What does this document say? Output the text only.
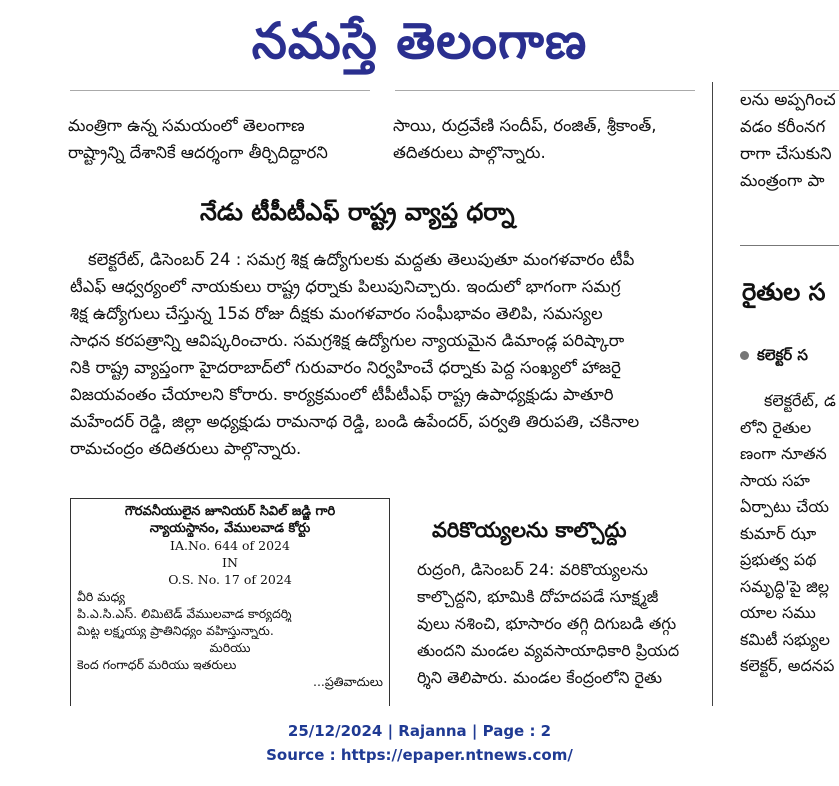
నమస్తే తెలంగాణ

మంత్రిగా ఉన్న సమయంలో తెలంగాణ

రాష్ట్రాన్ని దేశానికే ఆదర్శంగా తీర్చిదిద్దారని

సాయి, రుద్రవేణి సందీప్, రంజిత్, శ్రీకాంత్,

తదితరులు పాల్గొన్నారు.

లను అప్పగించ

వడం కరీంనగ

రాగా చేసుకుని

మంత్రంగా పా

నేడు టీపీటీఎఫ్ రాష్ట్ర వ్యాప్త ధర్నా

కలెక్టరేట్, డిసెంబర్ 24 : సమగ్ర శిక్ష ఉద్యోగులకు మద్దతు తెలుపుతూ మంగళవారం టీపీ

టీఎఫ్ ఆధ్వర్యంలో నాయకులు రాష్ట్ర ధర్నాకు పిలుపునిచ్చారు. ఇందులో భాగంగా సమగ్ర

శిక్ష ఉద్యోగులు చేస్తున్న 15వ రోజు దీక్షకు మంగళవారం సంఘీభావం తెలిపి, సమస్యల

సాధన కరపత్రాన్ని ఆవిష్కరించారు. సమగ్రశిక్ష ఉద్యోగుల న్యాయమైన డిమాండ్ల పరిష్కారా

నికి రాష్ట్ర వ్యాప్తంగా హైదరాబాద్‌లో గురువారం నిర్వహించే ధర్నాకు పెద్ద సంఖ్యలో హాజరై

విజయవంతం చేయాలని కోరారు. కార్యక్రమంలో టీపీటీఎఫ్ రాష్ట్ర ఉపాధ్యక్షుడు పాతూరి

మహేందర్ రెడ్డి, జిల్లా అధ్యక్షుడు రామనాథ రెడ్డి, బండి ఉపేందర్, పర్వతి తిరుపతి, చకినాల

రామచంద్రం తదితరులు పాల్గొన్నారు.

రైతుల స
కలెక్టర్ స

కలెక్టరేట్, డ

లోని రైతుల

ణంగా నూతన

సాయ సహ

ఏర్పాటు చేయ

కుమార్ ఝా

ప్రభుత్వ పథ

సమృద్ధి'పై జిల్ల

యాల సము

కమిటీ సభ్యుల

కలెక్టర్, అదనప

గౌరవనీయులైన జూనియర్ సివిల్ జడ్జి గారి

న్యాయస్థానం, వేములవాడ కోర్టు

IA.No. 644 of 2024

IN

O.S. No. 17 of 2024

వీరి మధ్య

పి.ఎ.సి.ఎస్. లిమిటెడ్ వేములవాడ కార్యదర్శి

మిట్ట లక్ష్మయ్య ప్రాతినిధ్యం వహిస్తున్నారు.

మరియు

కెంద గంగాధర్ మరియు ఇతరులు

...ప్రతివాదులు

వరికొయ్యలను కాల్చొద్దు

రుద్రంగి, డిసెంబర్ 24: వరికొయ్యలను

కాల్చొద్దని, భూమికి దోహదపడే సూక్ష్మజీ

వులు నశించి, భూసారం తగ్గి దిగుబడి తగ్గు

తుందని మండల వ్యవసాయాధికారి ప్రియద

ర్శిని తెలిపారు. మండల కేంద్రంలోని రైతు

25/12/2024 | Rajanna | Page : 2
Source : https://epaper.ntnews.com/
